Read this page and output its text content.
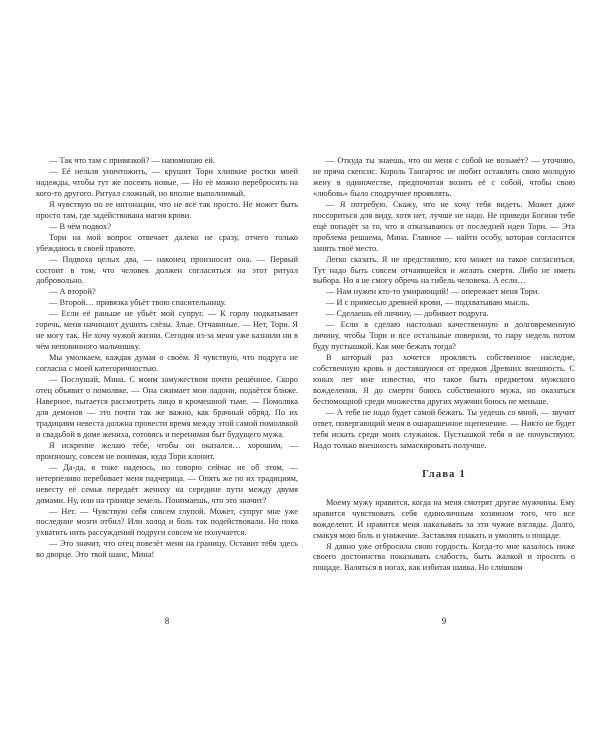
— Так что там с привязкой? — напоминаю ей.

— Её нельзя уничтожить, — крушит Тори хлипкие ростки моей надежды, чтобы тут же посеять новые. — Но её можно перебросить на кого-то другого. Ритуал сложный, но вполне выполнимый.

Я чувствую по ее интонации, что не всё так просто. Не может быть просто там, где задействована магия крови.

— В чём подвох?

Тори на мой вопрос отвечает далеко не сразу, отчего только убеждаюсь в своей правоте.

— Подвоха целых два, — наконец произносит она. — Первый состоит в том, что человек должен согласиться на этот ритуал добровольно.

— А второй?

— Второй… привязка убьёт твою спасительницу.

— Если её раньше не убьёт мой супруг. — К горлу подкатывает горечь, меня начинают душить слёзы. Злые. Отчаянные. — Нет, Тори. Я не могу так. Не хочу чужой жизни. Сегодня из-за меня уже казнили ни в чём неповинного мальчишку.

Мы умолкаем, каждая думая о своём. Я чувствую, что подруга не согласна с моей категоричностью.

— Послушай, Мина. С моим замужеством почти решённое. Скоро отец объявит о помолвке. — Она сжимает мои ладони, подаётся ближе. Наверное, пытается рассмотреть лицо в кромешной тьме. — Помолвка для демонов — это почти так же важно, как брачный обряд. По их традициям невеста должна провести время между этой самой помолвкой и свадьбой в доме жениха, готовясь и перенимая быт будущего мужа.

Я искренне желаю тебе, чтобы он оказался… хорошим, — произношу, совсем не понимая, куда Тори клонит.

— Да-да, я тоже надеюсь, но говорю сейчас не об этом, — нетерпеливо перебивает меня падчерица. — Опять же по их традициям, невесту её семья передаёт жениху на середине пути между двумя домами. Ну, или на границе земель. Понимаешь, что это значит?

— Нет. — Чувствую себя совсем глупой. Может, супруг мне уже последние мозги отбил? Или холод и боль так подействовали. Но пока ухватить нить рассуждений подруги совсем не получается.

— Это значит, что отец повезёт меня на границу. Оставит тебя здесь во дворце. Это твой шанс, Мина!

8

— Откуда ты знаешь, что он меня с собой не возьмёт? — уточняю, не пряча скепсис. Король Тангартос не любит оставлять свою молодую жену в одиночестве, предпочитая возить её с собой, чтобы свою «любовь» было сподручнее проявлять.

— Я потребую. Скажу, что не хочу тебя видеть. Может даже поссориться для виду, хотя нет, лучше не надо. Не приведи Богиня тебе ещё попадёт за то, что я отказываюсь от последней идеи Тори. — Эта проблема решаема, Мина. Главное — найти особу, которая согласится занять твоё место.

Легко сказать. Я не представляю, кто может на такое согласиться. Тут надо быть совсем отчаявшейся и желать смерти. Либо не иметь выбора. Но я не смогу обречь на гибель человека. А если…

— Нам нужен кто-то умирающий! — опережает меня Тори.

— И с примесью древней крови, — подхватываю мысль.

— Сделаешь ей личину, — добивает подруга.

— Если я сделаю настолько качественную и долговременную личину, чтобы Тори и все остальные поверили, то пару недель потом буду пустышкой. Как мне бежать тогда?

В который раз хочется проклясть собственное наследие, собственную кровь и доставшуюся от предков Древних внешность. С юных лет мне известно, что такое быть предметом мужского вожделения. Я до смерти боюсь собственного мужа, но оказаться беспомощной среди множества других мужчин боюсь не меньше.

— А тебе не надо будет самой бежать. Ты уедешь со мной, — звучит ответ, повергающий меня в ошарашенное оцепенение. — Никто не будет тебя искать среди моих служанок. Пустышкой тебя и не почувствуют. Надо только внешность замаскировать получше.

Глава 1

Моему мужу нравится, когда на меня смотрят другие мужчины. Ему нравится чувствовать себя единоличным хозяином того, что все вожделеют. И нравится меня наказывать за эти чужие взгляды. Долго, смакуя мою боль и унижение. Заставляя плакать и умолять о пощаде.

Я давно уже отбросила свою гордость. Когда-то мне казалось ниже своего достоинства показывать слабость, быть жалкой и просить о пощаде. Валяться в ногах, как избитая шавка. Но слишком

9
